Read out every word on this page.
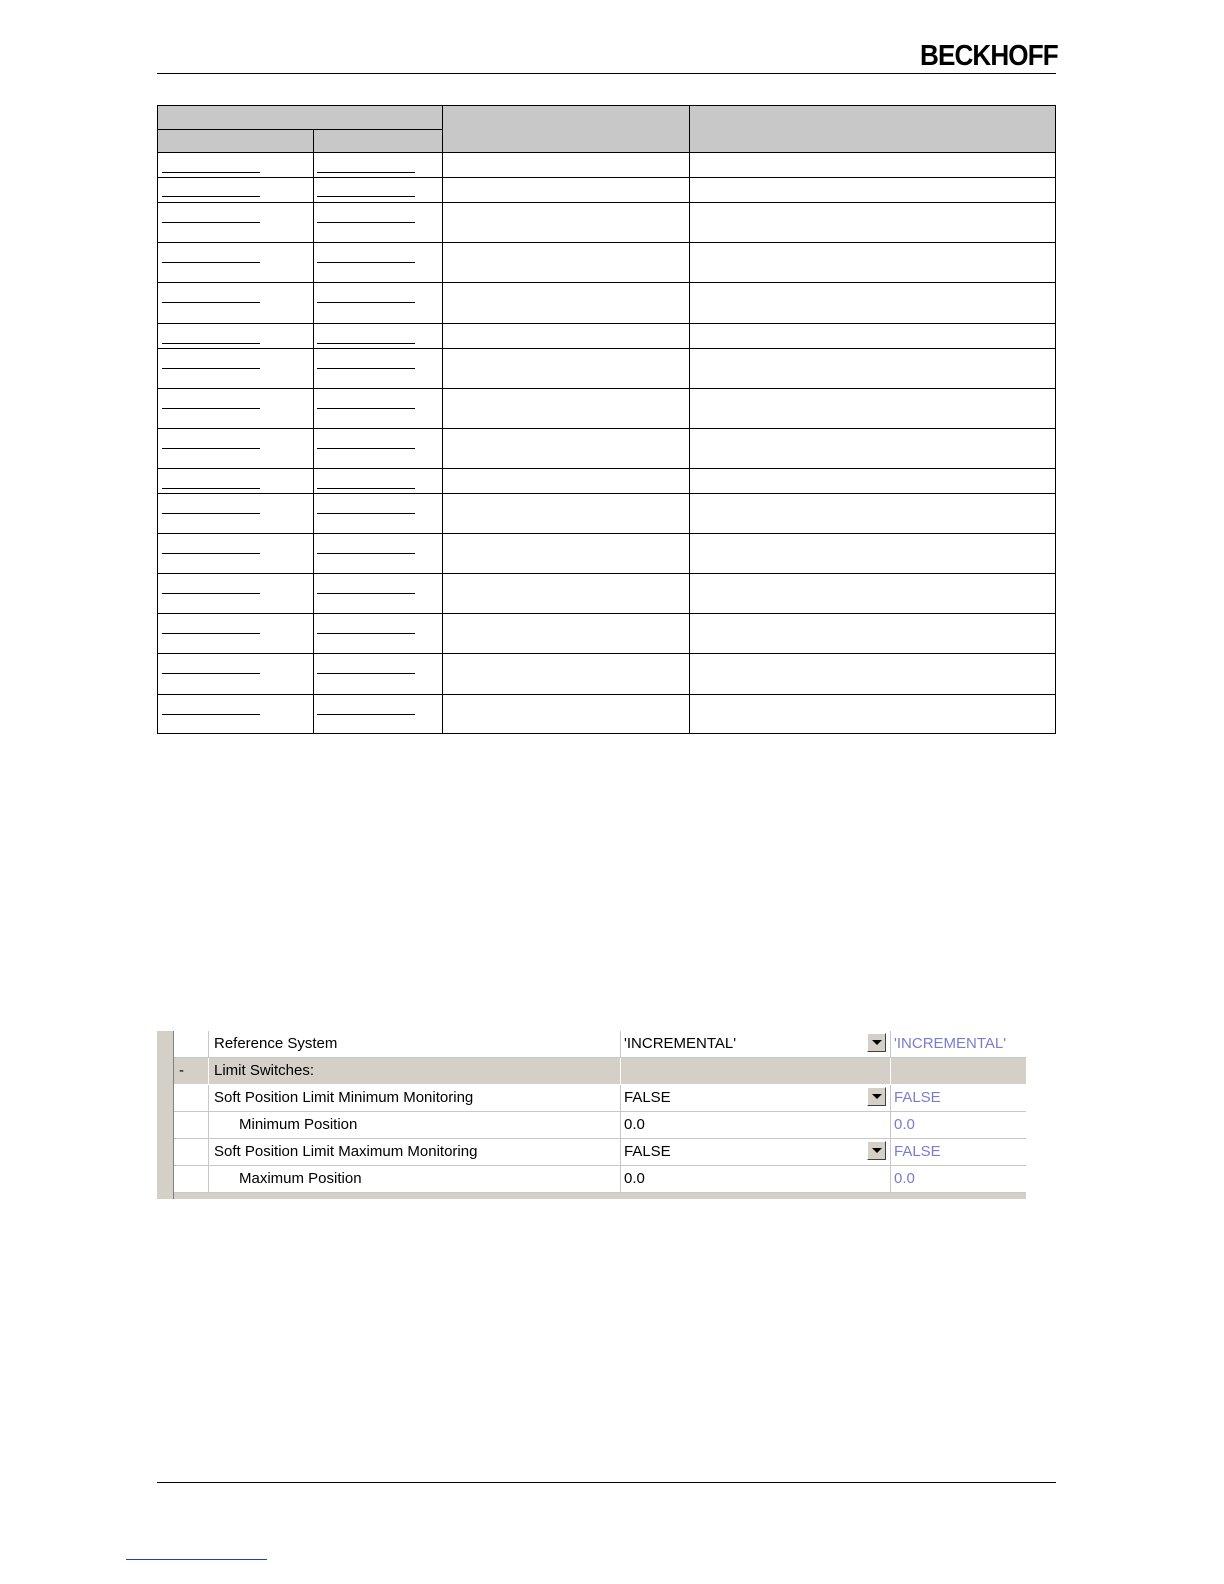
BECKHOFF
Reference System	'INCREMENTAL'	'INCREMENTAL'
- Limit Switches:
Soft Position Limit Minimum Monitoring	FALSE	FALSE
Minimum Position	0.0	0.0
Soft Position Limit Maximum Monitoring	FALSE	FALSE
Maximum Position	0.0	0.0
